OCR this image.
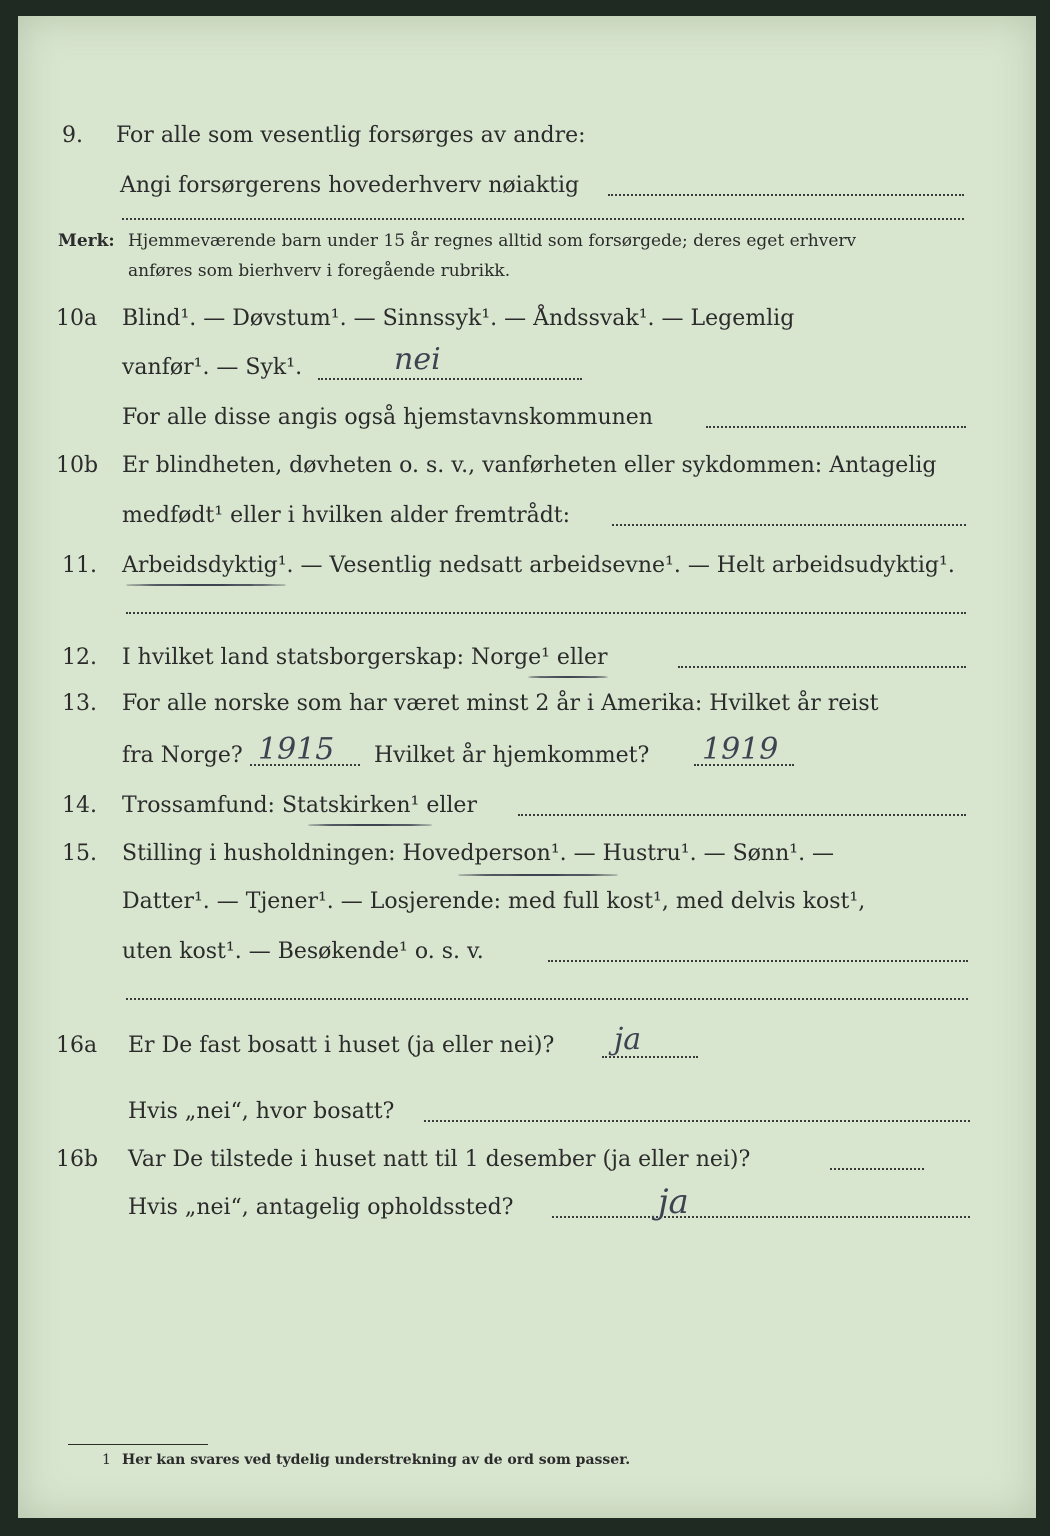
9. For alle som vesentlig forsørges av andre:
Angi forsørgerens hovederhverv nøiaktig
Merk: Hjemmeværende barn under 15 år regnes alltid som forsørgede; deres eget erhverv
anføres som bierhverv i foregående rubrikk.
10a Blind¹. — Døvstum¹. — Sinnssyk¹. — Åndssvak¹. — Legemlig
vanfør¹. — Syk¹.	nei
For alle disse angis også hjemstavnskommunen
10b Er blindheten, døvheten o. s. v., vanførheten eller sykdommen: Antagelig
medfødt¹ eller i hvilken alder fremtrådt:
11. Arbeidsdyktig¹. — Vesentlig nedsatt arbeidsevne¹. — Helt arbeidsudyktig¹.
12. I hvilket land statsborgerskap: Norge¹ eller
13. For alle norske som har været minst 2 år i Amerika: Hvilket år reist
fra Norge? 1915 Hvilket år hjemkommet? 1919
14. Trossamfund: Statskirken¹ eller
15. Stilling i husholdningen: Hovedperson¹. — Hustru¹. — Sønn¹. —
Datter¹. — Tjener¹. — Losjerende: med full kost¹, med delvis kost¹,
uten kost¹. — Besøkende¹ o. s. v.
16a Er De fast bosatt i huset (ja eller nei)? ja
Hvis „nei“, hvor bosatt?
16b Var De tilstede i huset natt til 1 desember (ja eller nei)?
Hvis „nei“, antagelig opholdssted?	ja
1 Her kan svares ved tydelig understrekning av de ord som passer.
